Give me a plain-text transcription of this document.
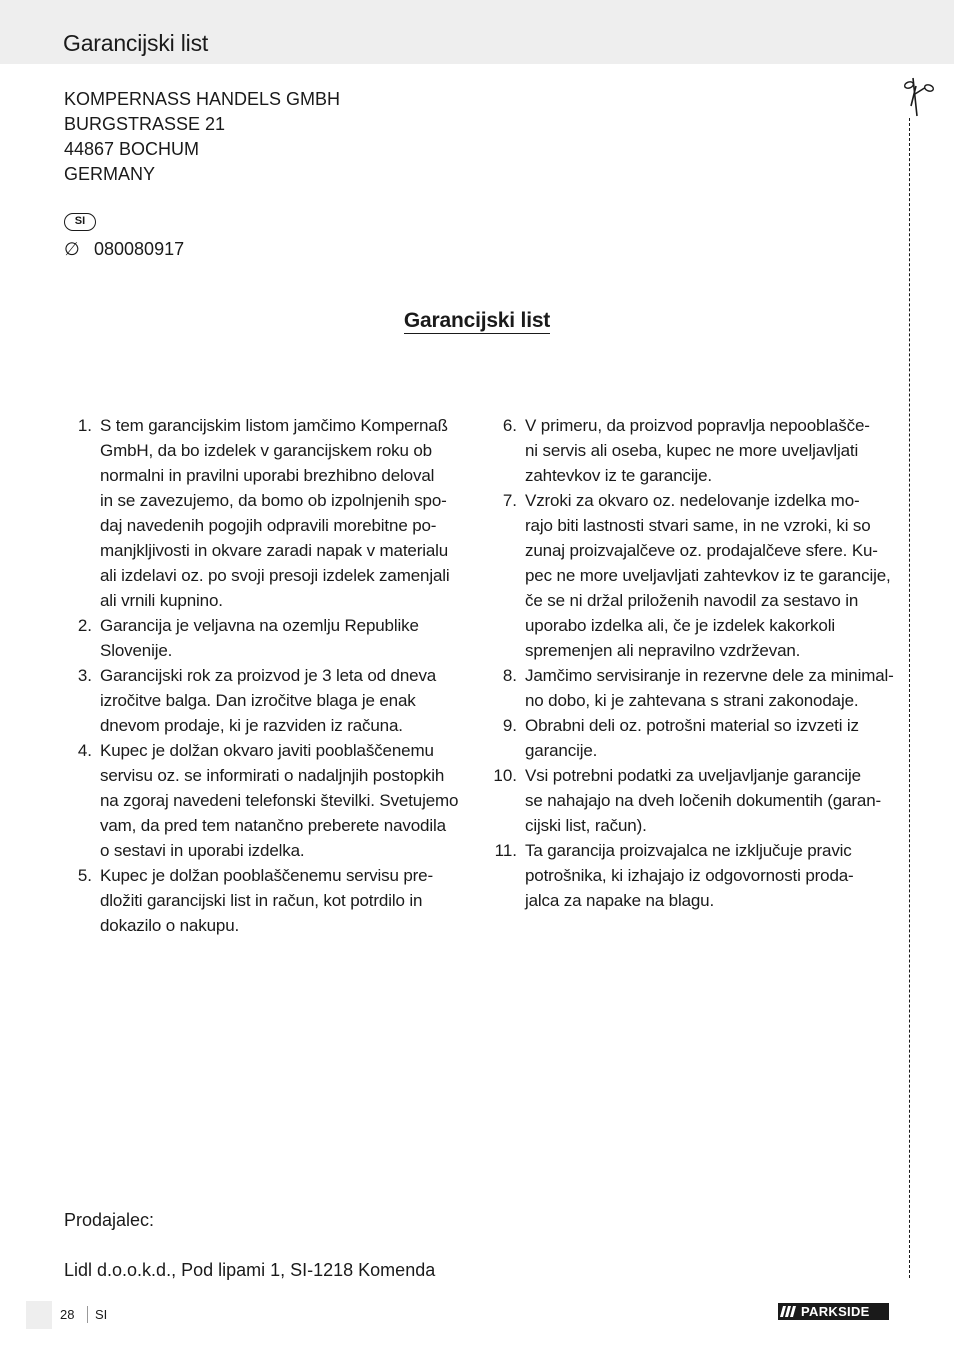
Garancijski list
KOMPERNASS HANDELS GMBH
BURGSTRASSE 21
44867 BOCHUM
GERMANY
SI
∅ 080080917
Garancijski list
1. S tem garancijskim listom jamčimo Kompernaß
GmbH, da bo izdelek v garancijskem roku ob
normalni in pravilni uporabi brezhibno deloval
in se zavezujemo, da bomo ob izpolnjenih spo-
daj navedenih pogojih odpravili morebitne po-
manjkljivosti in okvare zaradi napak v materialu
ali izdelavi oz. po svoji presoji izdelek zamenjali
ali vrnili kupnino.
2. Garancija je veljavna na ozemlju Republike
Slovenije.
3. Garancijski rok za proizvod je 3 leta od dneva
izročitve balga. Dan izročitve blaga je enak
dnevom prodaje, ki je razviden iz računa.
4. Kupec je dolžan okvaro javiti pooblaščenemu
servisu oz. se informirati o nadaljnjih postopkih
na zgoraj navedeni telefonski številki. Svetujemo
vam, da pred tem natančno preberete navodila
o sestavi in uporabi izdelka.
5. Kupec je dolžan pooblaščenemu servisu pre-
dložiti garancijski list in račun, kot potrdilo in
dokazilo o nakupu.
6. V primeru, da proizvod popravlja nepooblašče-
ni servis ali oseba, kupec ne more uveljavljati
zahtevkov iz te garancije.
7. Vzroki za okvaro oz. nedelovanje izdelka mo-
rajo biti lastnosti stvari same, in ne vzroki, ki so
zunaj proizvajalčeve oz. prodajalčeve sfere. Ku-
pec ne more uveljavljati zahtevkov iz te garancije,
če se ni držal priloženih navodil za sestavo in
uporabo izdelka ali, če je izdelek kakorkoli
spremenjen ali nepravilno vzdrževan.
8. Jamčimo servisiranje in rezervne dele za minimal-
no dobo, ki je zahtevana s strani zakonodaje.
9. Obrabni deli oz. potrošni material so izvzeti iz
garancije.
10. Vsi potrebni podatki za uveljavljanje garancije
se nahajajo na dveh ločenih dokumentih (garan-
cijski list, račun).
11. Ta garancija proizvajalca ne izključuje pravic
potrošnika, ki izhajajo iz odgovornosti proda-
jalca za napake na blagu.
Prodajalec:
Lidl d.o.o.k.d., Pod lipami 1, SI-1218 Komenda
28 SI	PARKSIDE
